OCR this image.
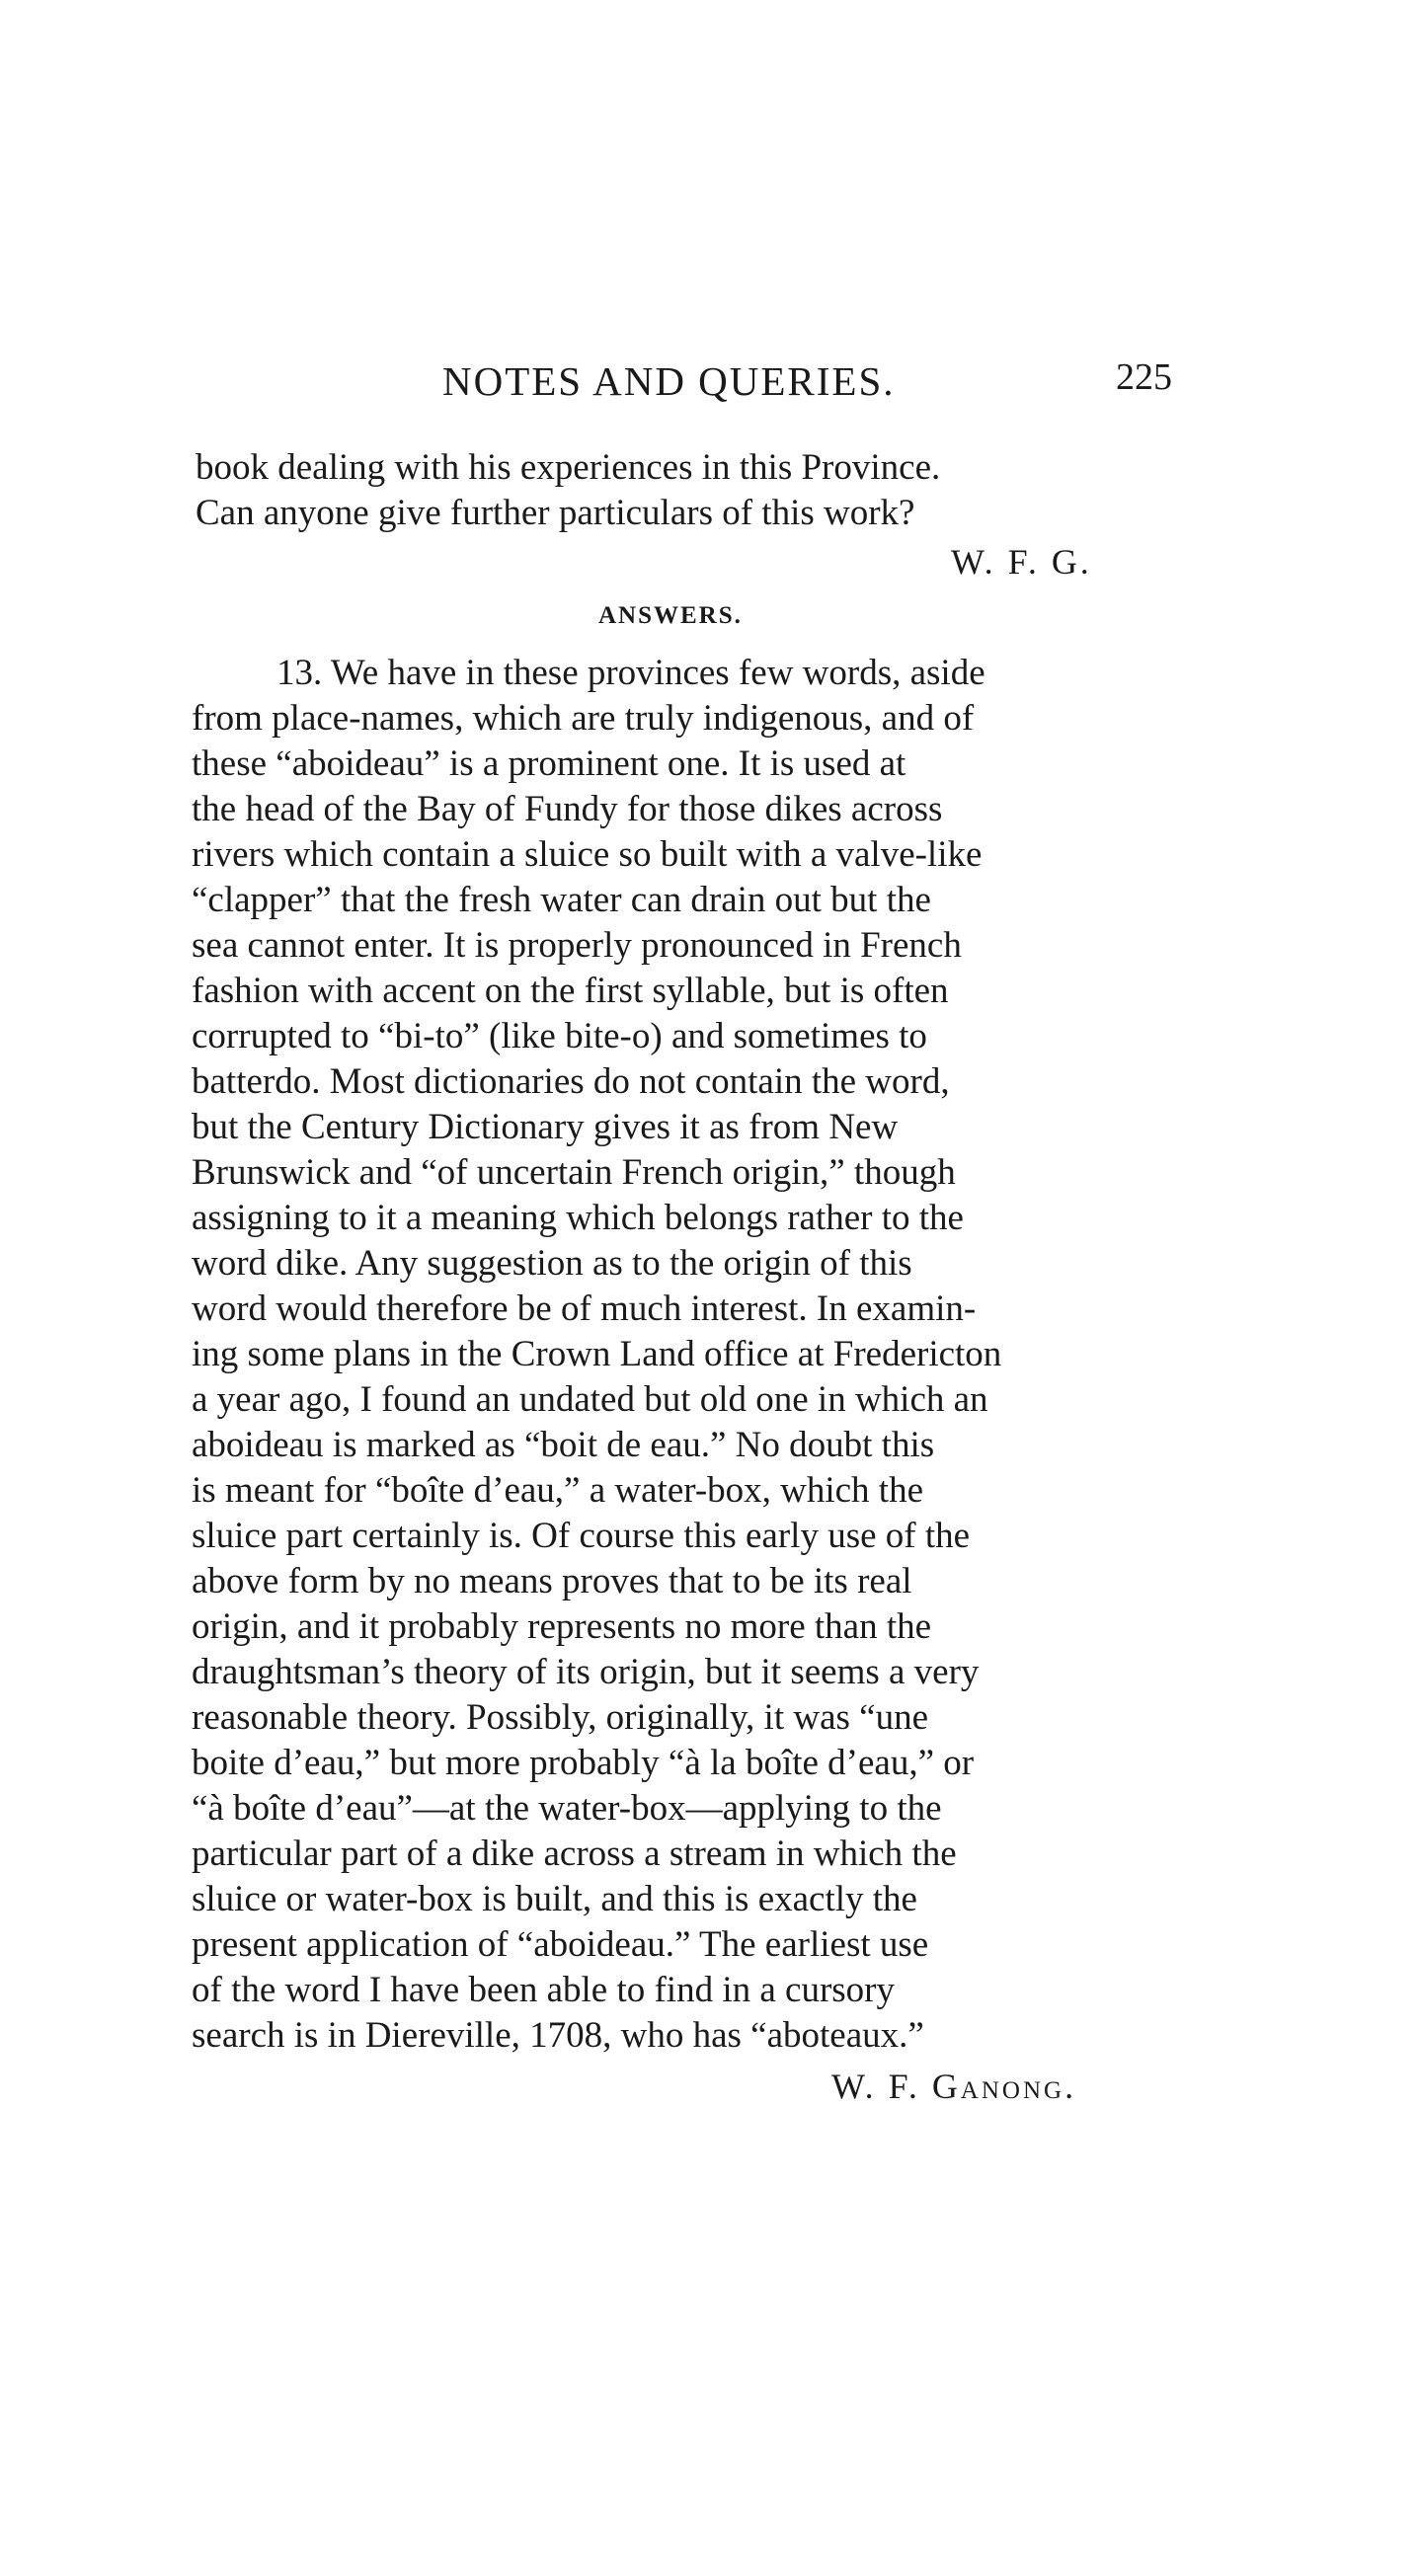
NOTES AND QUERIES.	225
book dealing with his experiences in this Province.
Can anyone give further particulars of this work?
W. F. G.
ANSWERS.
13. We have in these provinces few words, aside
from place-names, which are truly indigenous, and of
these “aboideau” is a prominent one. It is used at
the head of the Bay of Fundy for those dikes across
rivers which contain a sluice so built with a valve-like
“clapper” that the fresh water can drain out but the
sea cannot enter. It is properly pronounced in French
fashion with accent on the first syllable, but is often
corrupted to “bi-to” (like bite-o) and sometimes to
batterdo. Most dictionaries do not contain the word,
but the Century Dictionary gives it as from New
Brunswick and “of uncertain French origin,” though
assigning to it a meaning which belongs rather to the
word dike. Any suggestion as to the origin of this
word would therefore be of much interest. In examin-
ing some plans in the Crown Land office at Fredericton
a year ago, I found an undated but old one in which an
aboideau is marked as “boit de eau.” No doubt this
is meant for “boîte d’eau,” a water-box, which the
sluice part certainly is. Of course this early use of the
above form by no means proves that to be its real
origin, and it probably represents no more than the
draughtsman’s theory of its origin, but it seems a very
reasonable theory. Possibly, originally, it was “une
boite d’eau,” but more probably “à la boîte d’eau,” or
“à boîte d’eau”—at the water-box—applying to the
particular part of a dike across a stream in which the
sluice or water-box is built, and this is exactly the
present application of “aboideau.” The earliest use
of the word I have been able to find in a cursory
search is in Diereville, 1708, who has “aboteaux.”
W. F. Ganong.
